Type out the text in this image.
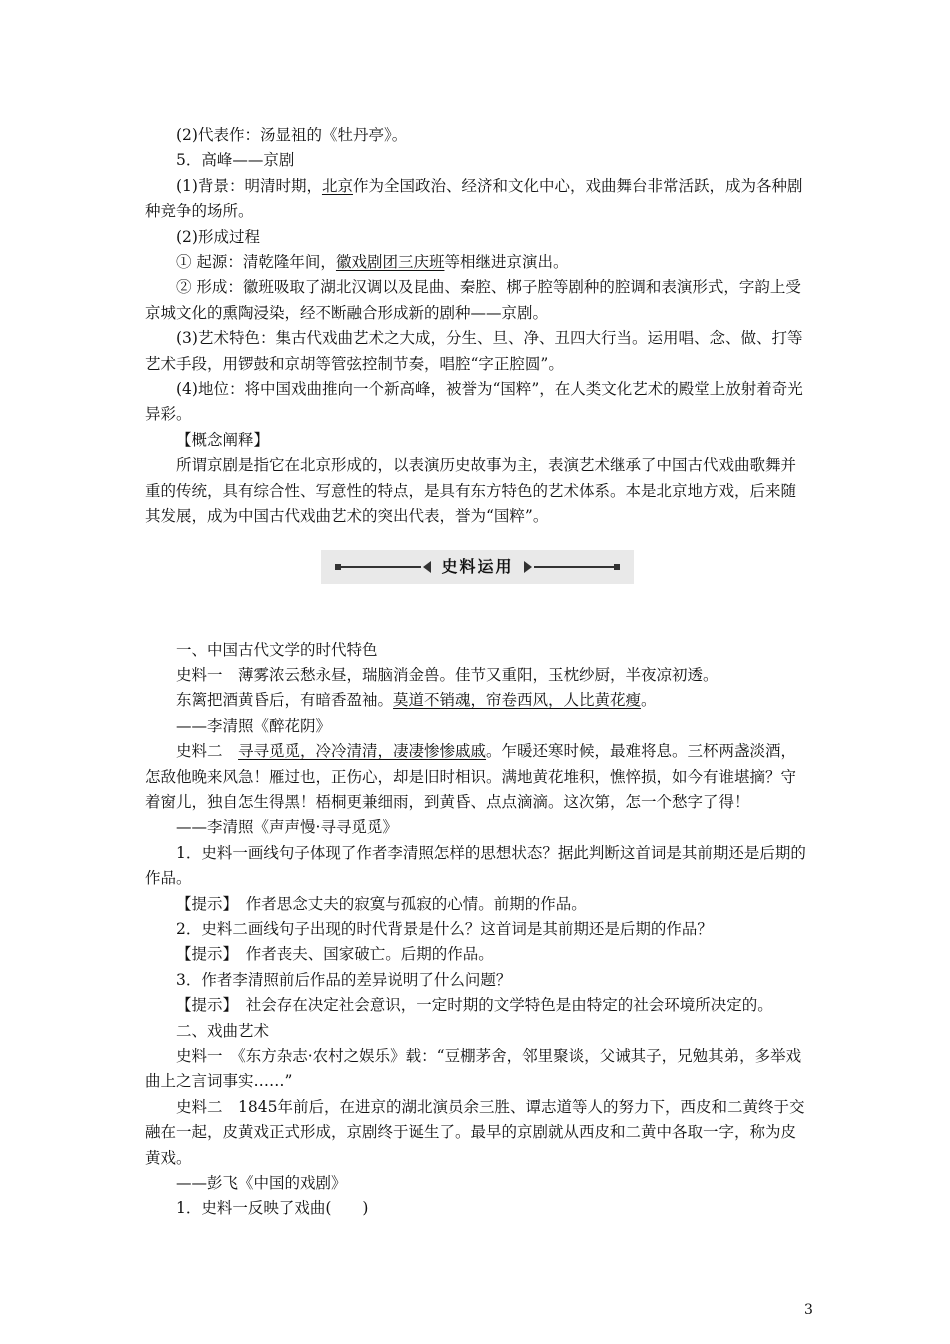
(2)代表作：汤显祖的《牡丹亭》。

5．高峰——京剧

(1)背景：明清时期，北京作为全国政治、经济和文化中心，戏曲舞台非常活跃，成为各种剧种竞争的场所。

(2)形成过程

① 起源：清乾隆年间，徽戏剧团三庆班等相继进京演出。

② 形成：徽班吸取了湖北汉调以及昆曲、秦腔、梆子腔等剧种的腔调和表演形式，字韵上受京城文化的熏陶浸染，经不断融合形成新的剧种——京剧。

(3)艺术特色：集古代戏曲艺术之大成，分生、旦、净、丑四大行当。运用唱、念、做、打等艺术手段，用锣鼓和京胡等管弦控制节奏，唱腔“字正腔圆”。

(4)地位：将中国戏曲推向一个新高峰，被誉为“国粹”，在人类文化艺术的殿堂上放射着奇光异彩。

【概念阐释】

所谓京剧是指它在北京形成的，以表演历史故事为主，表演艺术继承了中国古代戏曲歌舞并重的传统，具有综合性、写意性的特点，是具有东方特色的艺术体系。本是北京地方戏，后来随其发展，成为中国古代戏曲艺术的突出代表，誉为“国粹”。

史料运用

一、中国古代文学的时代特色

史料一　薄雾浓云愁永昼，瑞脑消金兽。佳节又重阳，玉枕纱厨，半夜凉初透。

东篱把酒黄昏后，有暗香盈袖。莫道不销魂，帘卷西风，人比黄花瘦。

——李清照《醉花阴》

史料二　寻寻觅觅，冷冷清清，凄凄惨惨戚戚。乍暖还寒时候，最难将息。三杯两盏淡酒，怎敌他晚来风急！雁过也，正伤心，却是旧时相识。满地黄花堆积，憔悴损，如今有谁堪摘？守着窗儿，独自怎生得黑！梧桐更兼细雨，到黄昏、点点滴滴。这次第，怎一个愁字了得！

——李清照《声声慢·寻寻觅觅》

1．史料一画线句子体现了作者李清照怎样的思想状态？据此判断这首词是其前期还是后期的作品。

【提示】　作者思念丈夫的寂寞与孤寂的心情。前期的作品。

2．史料二画线句子出现的时代背景是什么？这首词是其前期还是后期的作品？

【提示】　作者丧夫、国家破亡。后期的作品。

3．作者李清照前后作品的差异说明了什么问题？

【提示】　社会存在决定社会意识，一定时期的文学特色是由特定的社会环境所决定的。

二、戏曲艺术

史料一　《东方杂志·农村之娱乐》载：“豆棚茅舍，邻里聚谈，父诫其子，兄勉其弟，多举戏曲上之言词事实……”

史料二　1845年前后，在进京的湖北演员余三胜、谭志道等人的努力下，西皮和二黄终于交融在一起，皮黄戏正式形成，京剧终于诞生了。最早的京剧就从西皮和二黄中各取一字，称为皮黄戏。

——彭飞《中国的戏剧》

1．史料一反映了戏曲(　　)

3
